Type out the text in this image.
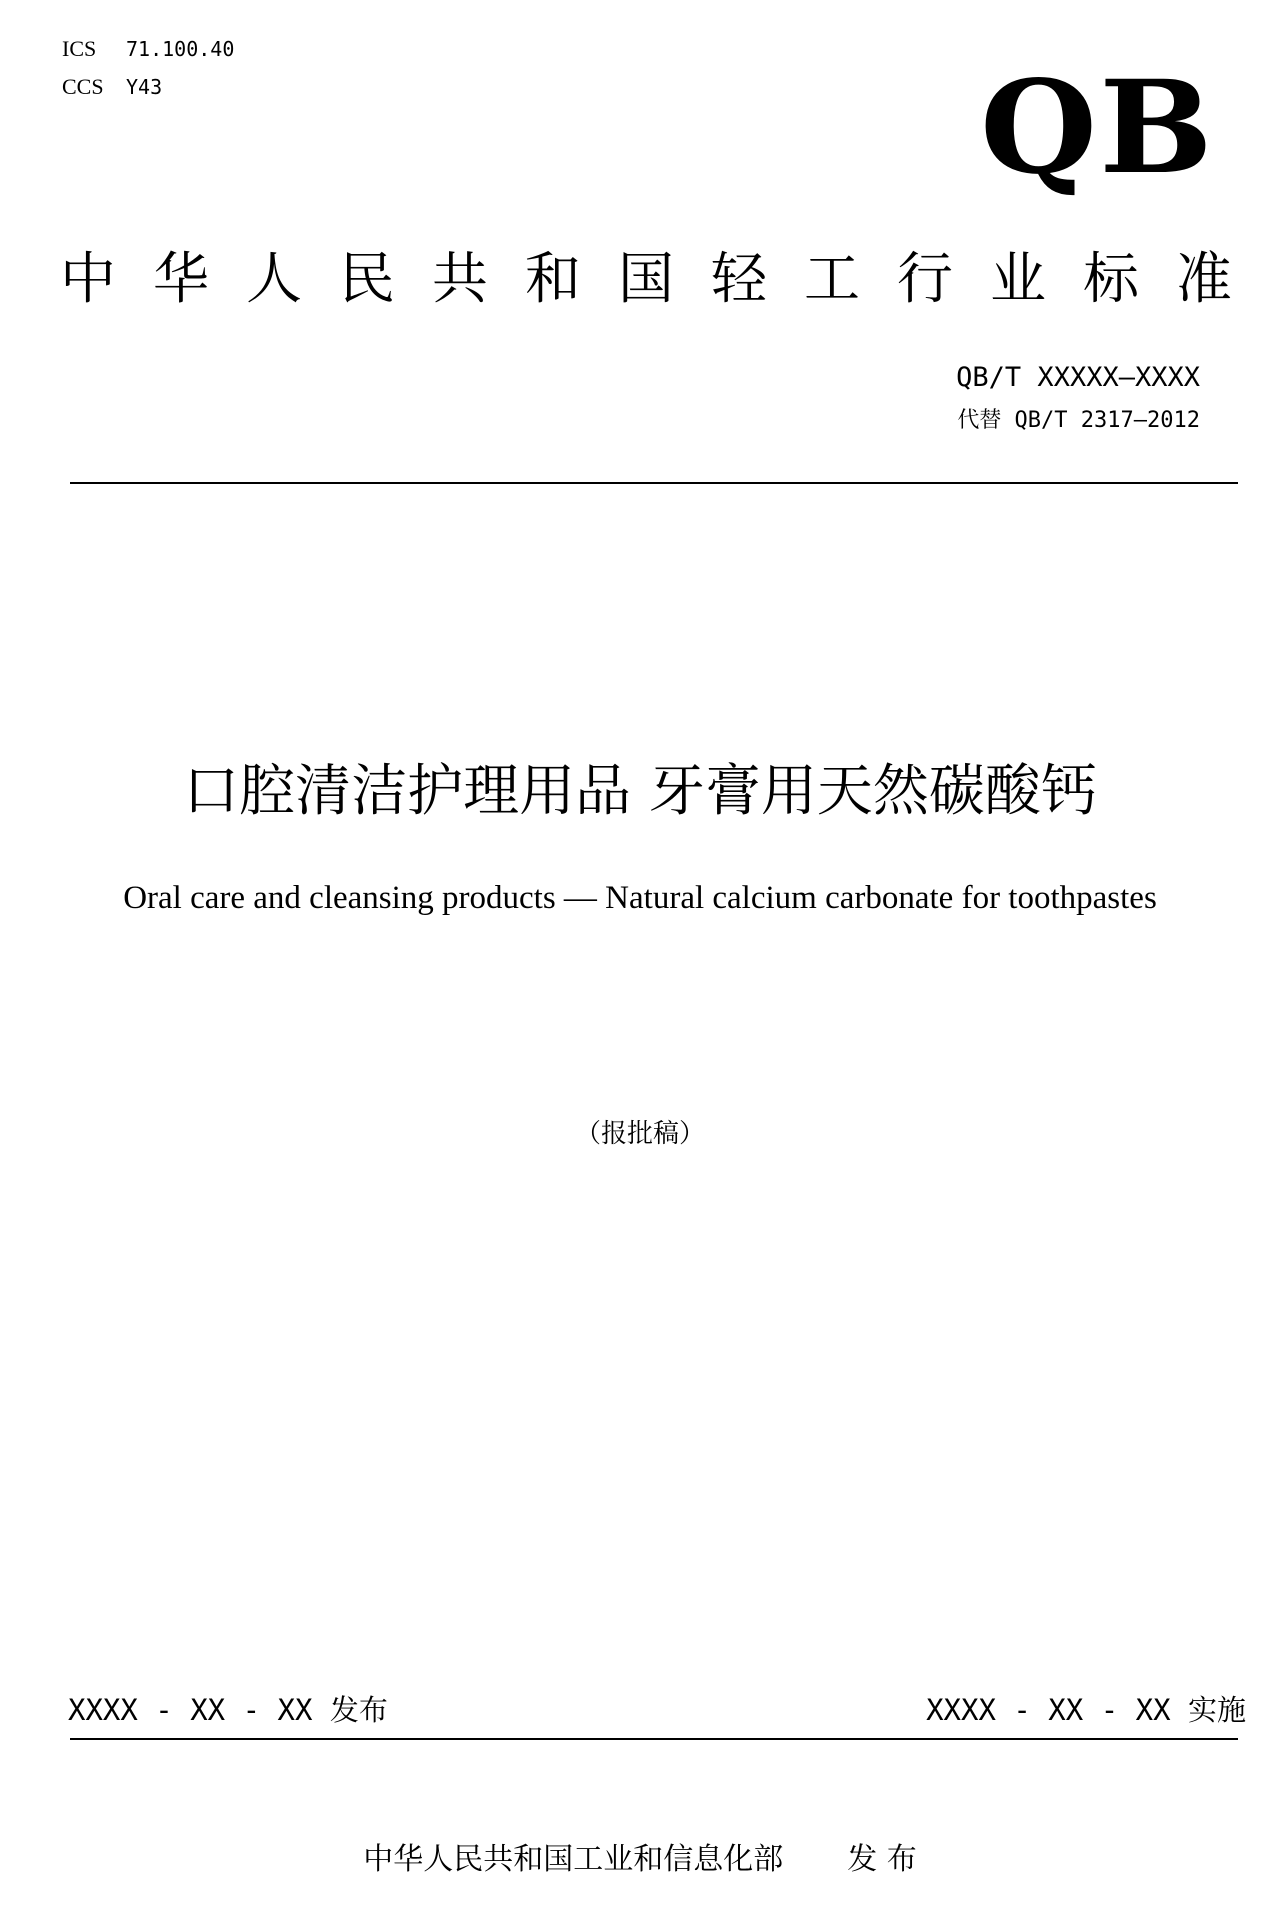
ICS	71.100.40
CCS	Y43	QB
中 华 人 民 共 和 国 轻 工 行 业 标 准
QB/T XXXXX—XXXX
代替 QB/T 2317—2012
口腔清洁护理用品 牙膏用天然碳酸钙
Oral care and cleansing products — Natural calcium carbonate for toothpastes
（报批稿）
XXXX - XX - XX 发布	XXXX - XX - XX 实施
中华人民共和国工业和信息化部 发 布
